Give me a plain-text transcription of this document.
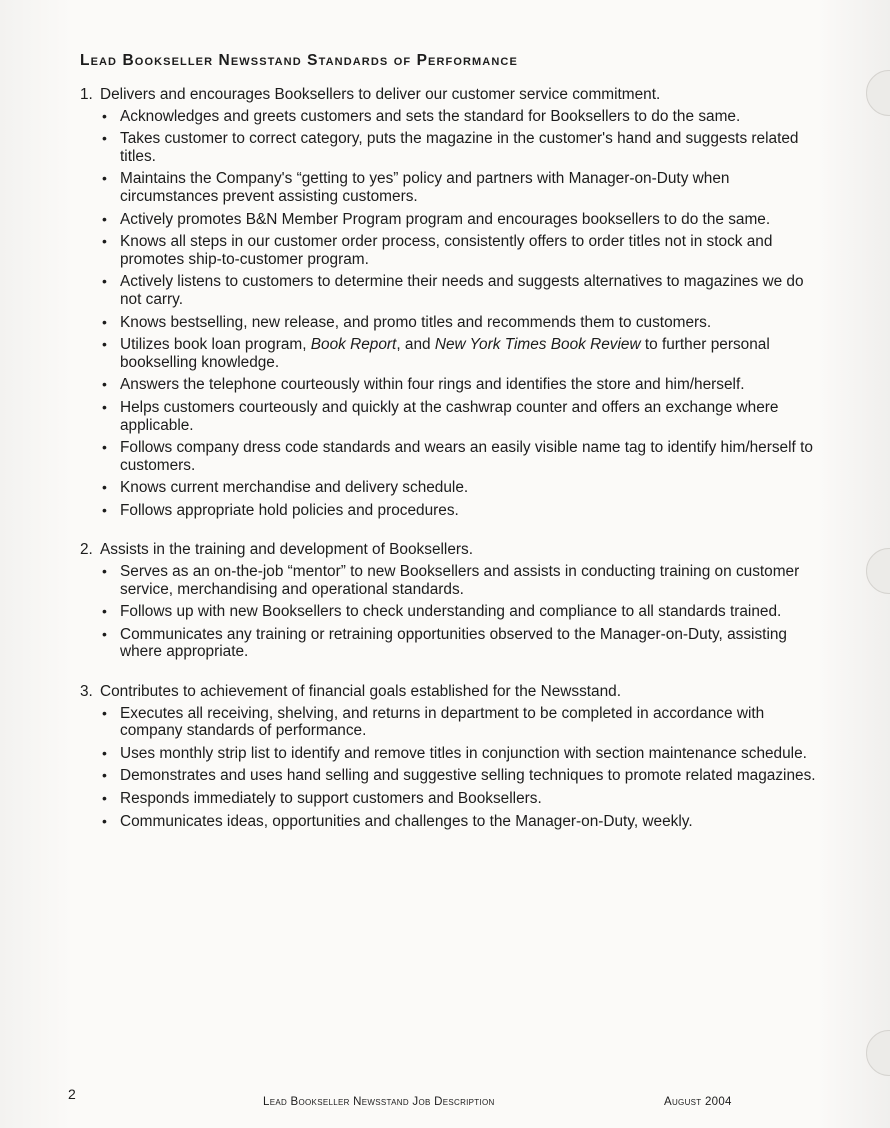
Lead Bookseller Newsstand Standards of Performance
1. Delivers and encourages Booksellers to deliver our customer service commitment.
• Acknowledges and greets customers and sets the standard for Booksellers to do the same.
• Takes customer to correct category, puts the magazine in the customer's hand and suggests related titles.
• Maintains the Company's “getting to yes” policy and partners with Manager-on-Duty when circumstances prevent assisting customers.
• Actively promotes B&N Member Program program and encourages booksellers to do the same.
• Knows all steps in our customer order process, consistently offers to order titles not in stock and promotes ship-to-customer program.
• Actively listens to customers to determine their needs and suggests alternatives to magazines we do not carry.
• Knows bestselling, new release, and promo titles and recommends them to customers.
• Utilizes book loan program, Book Report, and New York Times Book Review to further personal bookselling knowledge.
• Answers the telephone courteously within four rings and identifies the store and him/herself.
• Helps customers courteously and quickly at the cashwrap counter and offers an exchange where applicable.
• Follows company dress code standards and wears an easily visible name tag to identify him/herself to customers.
• Knows current merchandise and delivery schedule.
• Follows appropriate hold policies and procedures.
2. Assists in the training and development of Booksellers.
• Serves as an on-the-job “mentor” to new Booksellers and assists in conducting training on customer service, merchandising and operational standards.
• Follows up with new Booksellers to check understanding and compliance to all standards trained.
• Communicates any training or retraining opportunities observed to the Manager-on-Duty, assisting where appropriate.
3. Contributes to achievement of financial goals established for the Newsstand.
• Executes all receiving, shelving, and returns in department to be completed in accordance with company standards of performance.
• Uses monthly strip list to identify and remove titles in conjunction with section maintenance schedule.
• Demonstrates and uses hand selling and suggestive selling techniques to promote related magazines.
• Responds immediately to support customers and Booksellers.
• Communicates ideas, opportunities and challenges to the Manager-on-Duty, weekly.
2	Lead Bookseller Newsstand Job Description	August 2004
